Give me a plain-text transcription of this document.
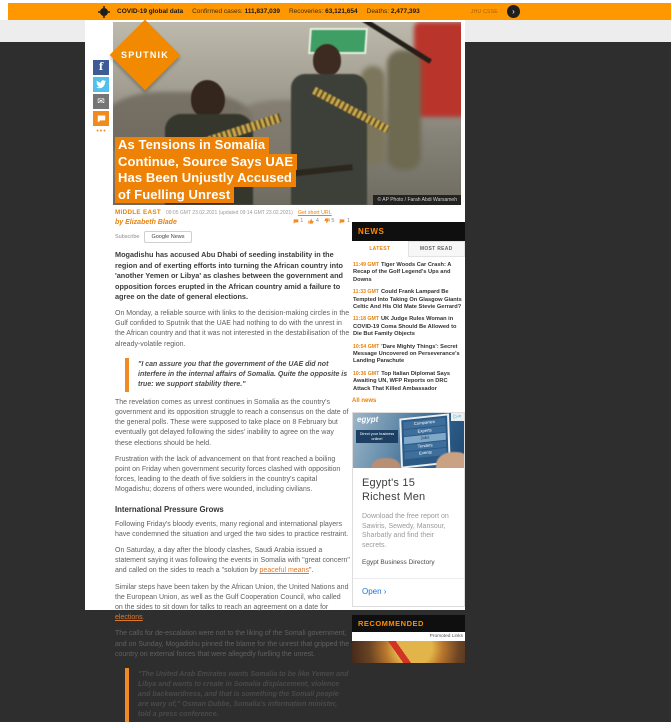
COVID-19 global data Confirmed cases: 111,837,039 Recoveries: 63,121,654 Deaths: 2,477,393	JHU CSSE	›
f
✉
•••
SPUTNIK
As Tensions in Somalia
Continue, Source Says UAE
Has Been Unjustly Accused
of Fuelling Unrest	© AP Photo / Farah Abdi Warsameh
MIDDLE EAST 09:05 GMT 23.02.2021 (updated 09:14 GMT 23.02.2021) Get short URL
1 4 5 1
by Elizabeth Blade
Subscribe	Google News

Mogadishu has accused Abu Dhabi of seeding instability in the region and of exerting efforts into turning the African country into 'another Yemen or Libya' as clashes between the government and opposition forces erupted in the African country amid a failure to agree on the date of general elections.

On Monday, a reliable source with links to the decision-making circles in the Gulf confided to Sputnik that the UAE had nothing to do with the unrest in the African country and that it was not interested in the destabilisation of the already-volatile region.

"I can assure you that the government of the UAE did not interfere in the internal affairs of Somalia. Quite the opposite is true: we support stability there."

The revelation comes as unrest continues in Somalia as the country's government and its opposition struggle to reach a consensus on the date of the general polls. These were supposed to take place on 8 February but eventually got delayed following the sides' inability to agree on the way these elections should be held.

Frustration with the lack of advancement on that front reached a boiling point on Friday when government security forces clashed with opposition forces, leading to the death of five soldiers in the country's capital Mogadishu; dozens of others were wounded, including civilians.

International Pressure Grows

Following Friday's bloody events, many regional and international players have condemned the situation and urged the two sides to practice restraint.

On Saturday, a day after the bloody clashes, Saudi Arabia issued a statement saying it was following the events in Somalia with "great concern" and called on the sides to reach a "solution by peaceful means".

Similar steps have been taken by the African Union, the United Nations and the European Union, as well as the Gulf Cooperation Council, who called on the sides to sit down for talks to reach an agreement on a date for elections.

The calls for de-escalation were not to the liking of the Somali government, and on Sunday, Mogadishu pinned the blame for the unrest that gripped the country on external forces that were allegedly fuelling the unrest.

"The United Arab Emirates wants Somalia to be like Yemen and Libya and wants to create in Somalia displacement, violence and backwardness, and that is something the Somali people are wary of," Osman Dubbe, Somalia's information minister, told a press conference.
NEWS
LATEST	MOST READ
11:49 GMT Tiger Woods Car Crash: A Recap of the Golf Legend's Ups and Downs
11:33 GMT Could Frank Lampard Be Tempted Into Taking On Glasgow Giants Celtic And His Old Mate Stevie Gerrard?
11:18 GMT UK Judge Rules Woman in COVID-19 Coma Should Be Allowed to Die But Family Objects
10:54 GMT 'Dare Mighty Things': Secret Message Uncovered on Perseverance's Landing Parachute
10:36 GMT Top Italian Diplomat Says Awaiting UN, WFP Reports on DRC Attack That Killed Ambassador
All news
egypt
Direct your business online!
Companies
Experts
Jobs
Tenders
Events
▷×
Egypt's 15
Richest Men
Download the free report on Sawiris, Sewedy, Mansour, Sharbatly and find their secrets.
Egypt Business Directory
Open ›
RECOMMENDED
Promoted Links
